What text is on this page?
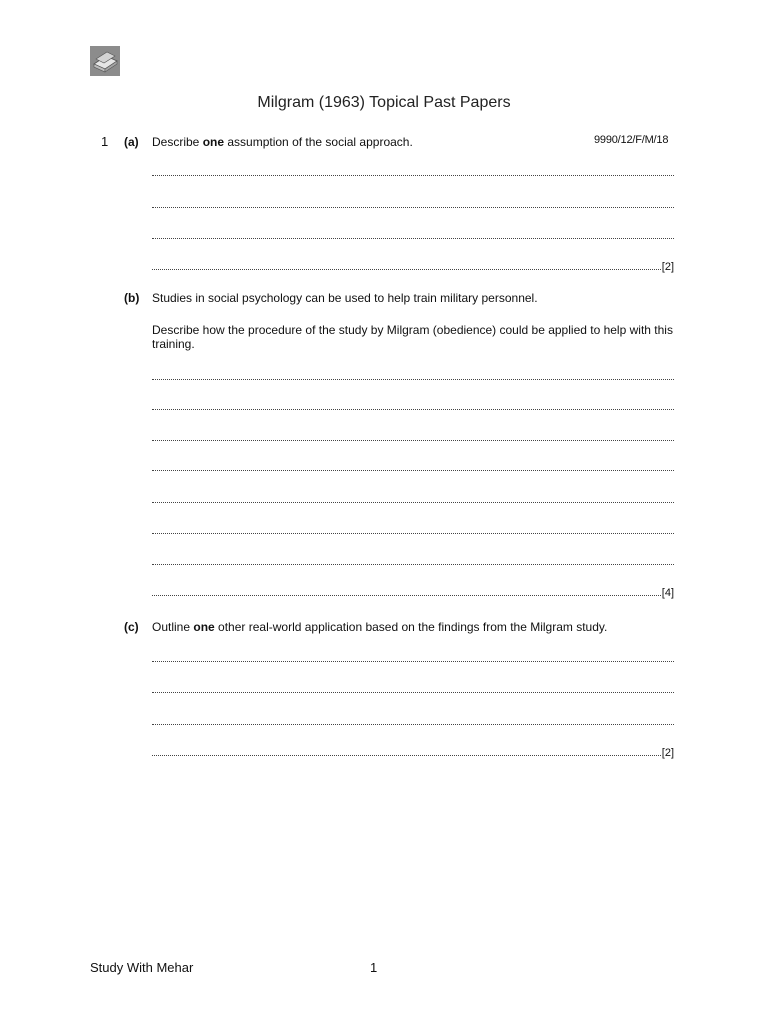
Milgram (1963) Topical Past Papers
1	9990/12/F/M/18
(a) Describe one assumption of the social approach.
[2]
(b) Studies in social psychology can be used to help train military personnel.
Describe how the procedure of the study by Milgram (obedience) could be applied to help with this training.
[4]
(c) Outline one other real-world application based on the findings from the Milgram study.
[2]
Study With Mehar	1
